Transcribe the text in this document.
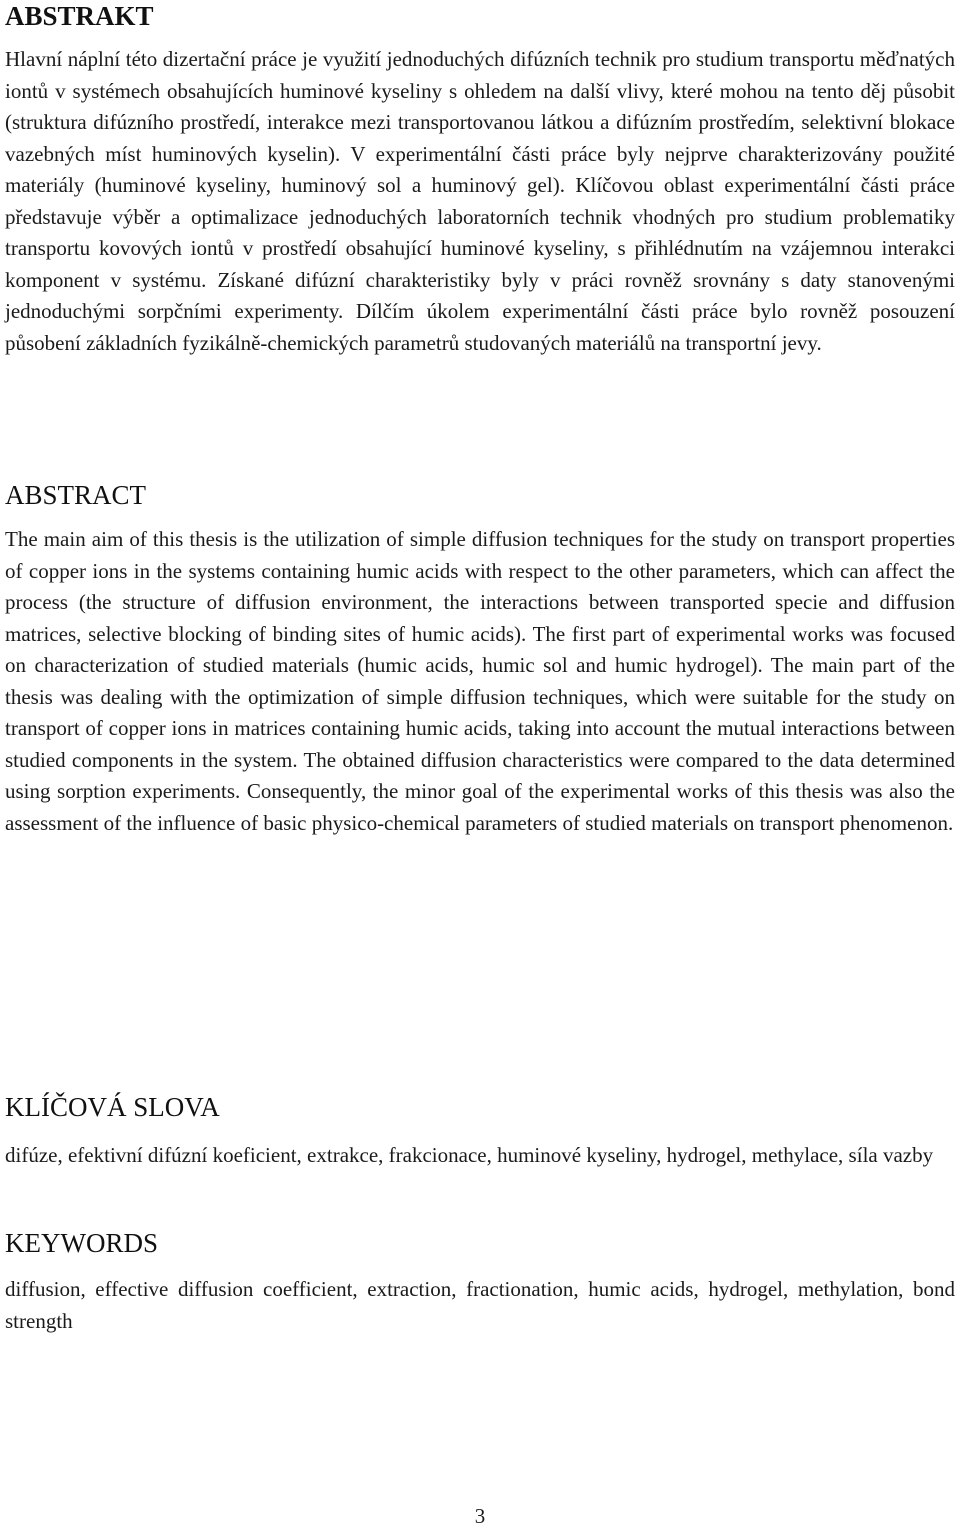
ABSTRAKT

Hlavní náplní této dizertační práce je využití jednoduchých difúzních technik pro studium transportu měďnatých iontů v systémech obsahujících huminové kyseliny s ohledem na další vlivy, které mohou na tento děj působit (struktura difúzního prostředí, interakce mezi transportovanou látkou a difúzním prostředím, selektivní blokace vazebných míst huminových kyselin). V experimentální části práce byly nejprve charakterizovány použité materiály (huminové kyseliny, huminový sol a huminový gel). Klíčovou oblast experimentální části práce představuje výběr a optimalizace jednoduchých laboratorních technik vhodných pro studium problematiky transportu kovových iontů v prostředí obsahující huminové kyseliny, s přihlédnutím na vzájemnou interakci komponent v systému. Získané difúzní charakteristiky byly v práci rovněž srovnány s daty stanovenými jednoduchými sorpčními experimenty. Dílčím úkolem experimentální části práce bylo rovněž posouzení působení základních fyzikálně-chemických parametrů studovaných materiálů na transportní jevy.

ABSTRACT

The main aim of this thesis is the utilization of simple diffusion techniques for the study on transport properties of copper ions in the systems containing humic acids with respect to the other parameters, which can affect the process (the structure of diffusion environment, the interactions between transported specie and diffusion matrices, selective blocking of binding sites of humic acids). The first part of experimental works was focused on characterization of studied materials (humic acids, humic sol and humic hydrogel). The main part of the thesis was dealing with the optimization of simple diffusion techniques, which were suitable for the study on transport of copper ions in matrices containing humic acids, taking into account the mutual interactions between studied components in the system. The obtained diffusion characteristics were compared to the data determined using sorption experiments. Consequently, the minor goal of the experimental works of this thesis was also the assessment of the influence of basic physico-chemical parameters of studied materials on transport phenomenon.

KLÍČOVÁ SLOVA

difúze, efektivní difúzní koeficient, extrakce, frakcionace, huminové kyseliny, hydrogel, methylace, síla vazby

KEYWORDS

diffusion, effective diffusion coefficient, extraction, fractionation, humic acids, hydrogel, methylation, bond strength

3
